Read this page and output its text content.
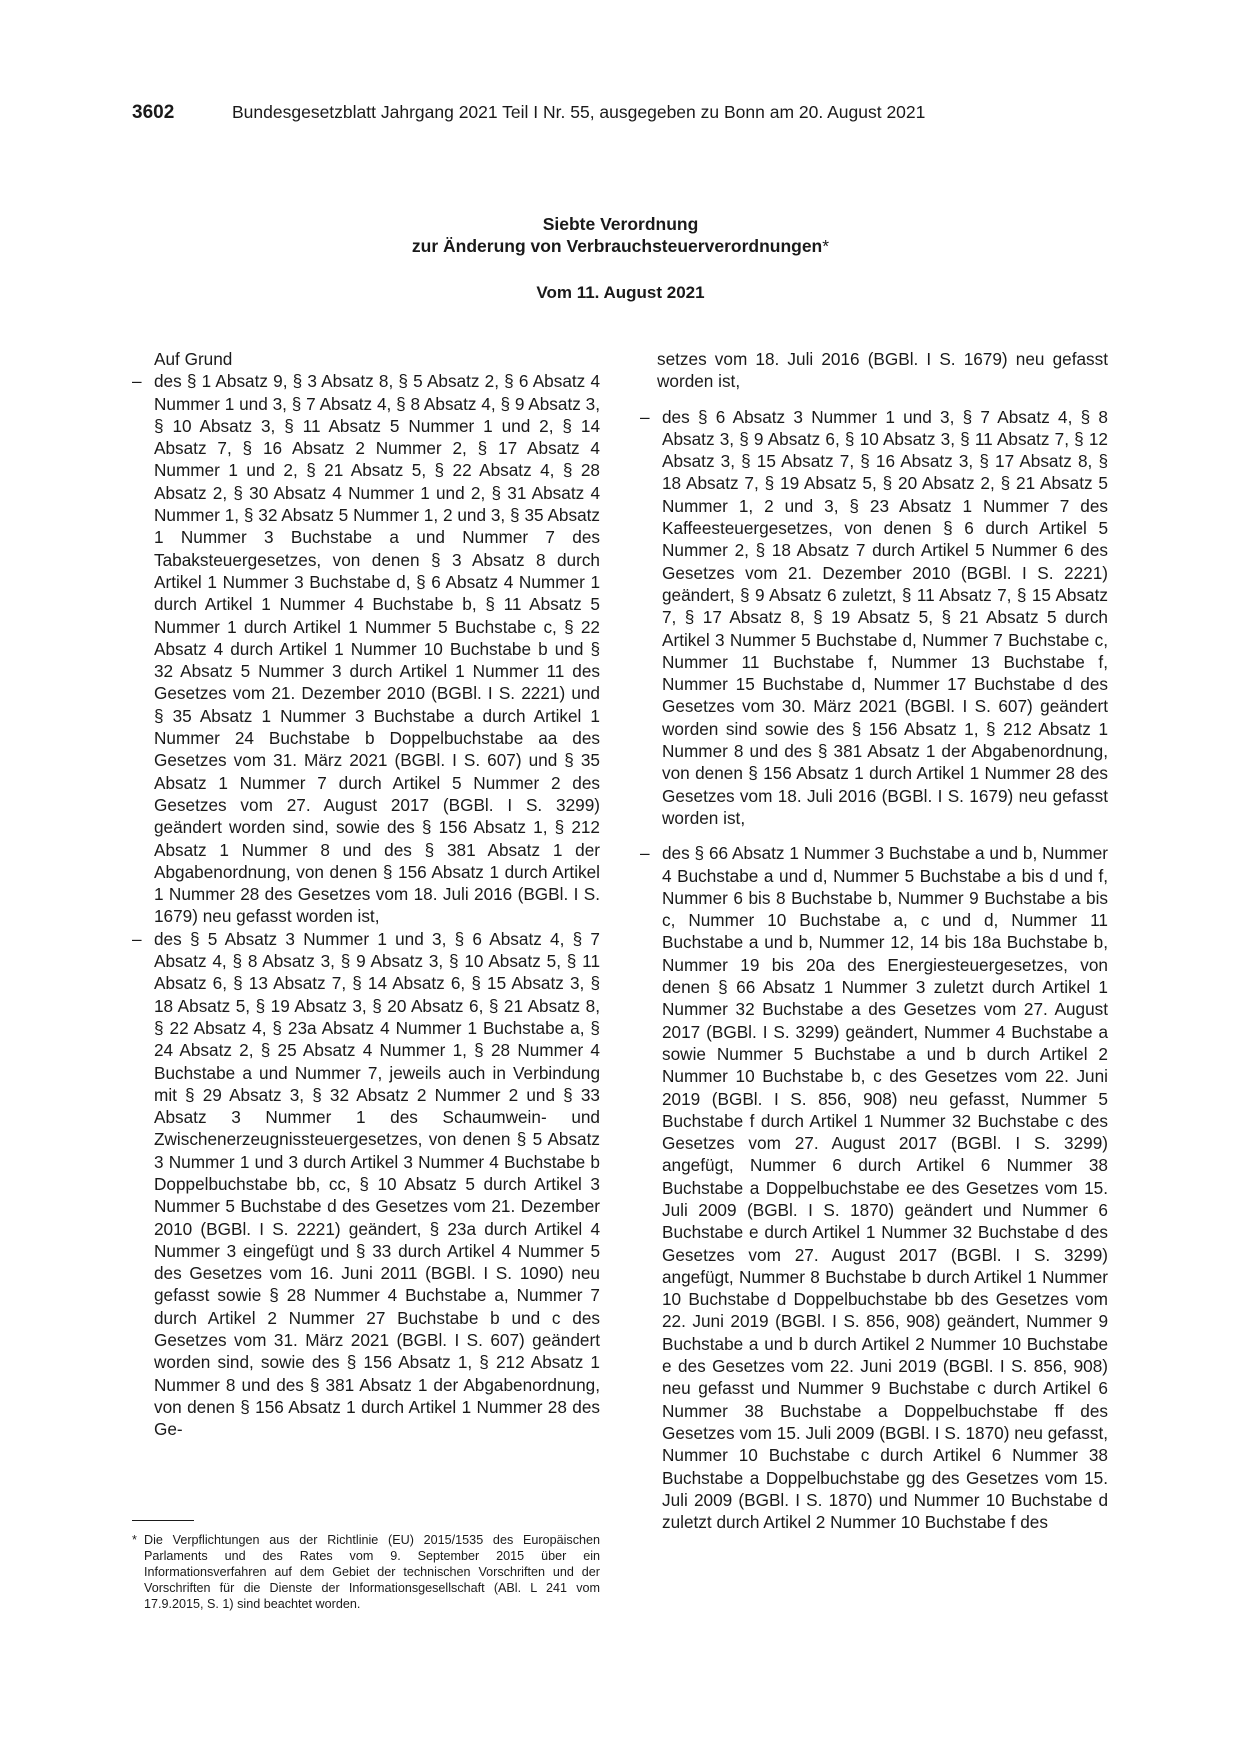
3602	Bundesgesetzblatt Jahrgang 2021 Teil I Nr. 55, ausgegeben zu Bonn am 20. August 2021
Siebte Verordnung
zur Änderung von Verbrauchsteuerverordnungen*
Vom 11. August 2021

Auf Grund

– des § 1 Absatz 9, § 3 Absatz 8, § 5 Absatz 2, § 6 Absatz 4 Nummer 1 und 3, § 7 Absatz 4, § 8 Absatz 4, § 9 Absatz 3, § 10 Absatz 3, § 11 Absatz 5 Nummer 1 und 2, § 14 Absatz 7, § 16 Absatz 2 Nummer 2, § 17 Absatz 4 Nummer 1 und 2, § 21 Absatz 5, § 22 Absatz 4, § 28 Absatz 2, § 30 Absatz 4 Nummer 1 und 2, § 31 Absatz 4 Nummer 1, § 32 Absatz 5 Nummer 1, 2 und 3, § 35 Absatz 1 Nummer 3 Buchstabe a und Nummer 7 des Tabaksteuergesetzes, von denen § 3 Absatz 8 durch Artikel 1 Nummer 3 Buchstabe d, § 6 Absatz 4 Nummer 1 durch Artikel 1 Nummer 4 Buchstabe b, § 11 Absatz 5 Nummer 1 durch Artikel 1 Nummer 5 Buchstabe c, § 22 Absatz 4 durch Artikel 1 Nummer 10 Buchstabe b und § 32 Absatz 5 Nummer 3 durch Artikel 1 Nummer 11 des Gesetzes vom 21. Dezember 2010 (BGBl. I S. 2221) und § 35 Absatz 1 Nummer 3 Buchstabe a durch Artikel 1 Nummer 24 Buchstabe b Doppelbuchstabe aa des Gesetzes vom 31. März 2021 (BGBl. I S. 607) und § 35 Absatz 1 Nummer 7 durch Artikel 5 Nummer 2 des Gesetzes vom 27. August 2017 (BGBl. I S. 3299) geändert worden sind, sowie des § 156 Absatz 1, § 212 Absatz 1 Nummer 8 und des § 381 Absatz 1 der Abgabenordnung, von denen § 156 Absatz 1 durch Artikel 1 Nummer 28 des Gesetzes vom 18. Juli 2016 (BGBl. I S. 1679) neu gefasst worden ist,
– des § 5 Absatz 3 Nummer 1 und 3, § 6 Absatz 4, § 7 Absatz 4, § 8 Absatz 3, § 9 Absatz 3, § 10 Absatz 5, § 11 Absatz 6, § 13 Absatz 7, § 14 Absatz 6, § 15 Absatz 3, § 18 Absatz 5, § 19 Absatz 3, § 20 Absatz 6, § 21 Absatz 8, § 22 Absatz 4, § 23a Absatz 4 Nummer 1 Buchstabe a, § 24 Absatz 2, § 25 Absatz 4 Nummer 1, § 28 Nummer 4 Buchstabe a und Nummer 7, jeweils auch in Verbindung mit § 29 Absatz 3, § 32 Absatz 2 Nummer 2 und § 33 Absatz 3 Nummer 1 des Schaumwein- und Zwischenerzeugnissteuergesetzes, von denen § 5 Absatz 3 Nummer 1 und 3 durch Artikel 3 Nummer 4 Buchstabe b Doppelbuchstabe bb, cc, § 10 Absatz 5 durch Artikel 3 Nummer 5 Buchstabe d des Gesetzes vom 21. Dezember 2010 (BGBl. I S. 2221) geändert, § 23a durch Artikel 4 Nummer 3 eingefügt und § 33 durch Artikel 4 Nummer 5 des Gesetzes vom 16. Juni 2011 (BGBl. I S. 1090) neu gefasst sowie § 28 Nummer 4 Buchstabe a, Nummer 7 durch Artikel 2 Nummer 27 Buchstabe b und c des Gesetzes vom 31. März 2021 (BGBl. I S. 607) geändert worden sind, sowie des § 156 Absatz 1, § 212 Absatz 1 Nummer 8 und des § 381 Absatz 1 der Abgabenordnung, von denen § 156 Absatz 1 durch Artikel 1 Nummer 28 des Ge-

setzes vom 18. Juli 2016 (BGBl. I S. 1679) neu gefasst worden ist,

– des § 6 Absatz 3 Nummer 1 und 3, § 7 Absatz 4, § 8 Absatz 3, § 9 Absatz 6, § 10 Absatz 3, § 11 Absatz 7, § 12 Absatz 3, § 15 Absatz 7, § 16 Absatz 3, § 17 Absatz 8, § 18 Absatz 7, § 19 Absatz 5, § 20 Absatz 2, § 21 Absatz 5 Nummer 1, 2 und 3, § 23 Absatz 1 Nummer 7 des Kaffeesteuergesetzes, von denen § 6 durch Artikel 5 Nummer 2, § 18 Absatz 7 durch Artikel 5 Nummer 6 des Gesetzes vom 21. Dezember 2010 (BGBl. I S. 2221) geändert, § 9 Absatz 6 zuletzt, § 11 Absatz 7, § 15 Absatz 7, § 17 Absatz 8, § 19 Absatz 5, § 21 Absatz 5 durch Artikel 3 Nummer 5 Buchstabe d, Nummer 7 Buchstabe c, Nummer 11 Buchstabe f, Nummer 13 Buchstabe f, Nummer 15 Buchstabe d, Nummer 17 Buchstabe d des Gesetzes vom 30. März 2021 (BGBl. I S. 607) geändert worden sind sowie des § 156 Absatz 1, § 212 Absatz 1 Nummer 8 und des § 381 Absatz 1 der Abgabenordnung, von denen § 156 Absatz 1 durch Artikel 1 Nummer 28 des Gesetzes vom 18. Juli 2016 (BGBl. I S. 1679) neu gefasst worden ist,
– des § 66 Absatz 1 Nummer 3 Buchstabe a und b, Nummer 4 Buchstabe a und d, Nummer 5 Buchstabe a bis d und f, Nummer 6 bis 8 Buchstabe b, Nummer 9 Buchstabe a bis c, Nummer 10 Buchstabe a, c und d, Nummer 11 Buchstabe a und b, Nummer 12, 14 bis 18a Buchstabe b, Nummer 19 bis 20a des Energiesteuergesetzes, von denen § 66 Absatz 1 Nummer 3 zuletzt durch Artikel 1 Nummer 32 Buchstabe a des Gesetzes vom 27. August 2017 (BGBl. I S. 3299) geändert, Nummer 4 Buchstabe a sowie Nummer 5 Buchstabe a und b durch Artikel 2 Nummer 10 Buchstabe b, c des Gesetzes vom 22. Juni 2019 (BGBl. I S. 856, 908) neu gefasst, Nummer 5 Buchstabe f durch Artikel 1 Nummer 32 Buchstabe c des Gesetzes vom 27. August 2017 (BGBl. I S. 3299) angefügt, Nummer 6 durch Artikel 6 Nummer 38 Buchstabe a Doppelbuchstabe ee des Gesetzes vom 15. Juli 2009 (BGBl. I S. 1870) geändert und Nummer 6 Buchstabe e durch Artikel 1 Nummer 32 Buchstabe d des Gesetzes vom 27. August 2017 (BGBl. I S. 3299) angefügt, Nummer 8 Buchstabe b durch Artikel 1 Nummer 10 Buchstabe d Doppelbuchstabe bb des Gesetzes vom 22. Juni 2019 (BGBl. I S. 856, 908) geändert, Nummer 9 Buchstabe a und b durch Artikel 2 Nummer 10 Buchstabe e des Gesetzes vom 22. Juni 2019 (BGBl. I S. 856, 908) neu gefasst und Nummer 9 Buchstabe c durch Artikel 6 Nummer 38 Buchstabe a Doppelbuchstabe ff des Gesetzes vom 15. Juli 2009 (BGBl. I S. 1870) neu gefasst, Nummer 10 Buchstabe c durch Artikel 6 Nummer 38 Buchstabe a Doppelbuchstabe gg des Gesetzes vom 15. Juli 2009 (BGBl. I S. 1870) und Nummer 10 Buchstabe d zuletzt durch Artikel 2 Nummer 10 Buchstabe f des
* Die Verpflichtungen aus der Richtlinie (EU) 2015/1535 des Europäischen Parlaments und des Rates vom 9. September 2015 über ein Informationsverfahren auf dem Gebiet der technischen Vorschriften und der Vorschriften für die Dienste der Informationsgesellschaft (ABl. L 241 vom 17.9.2015, S. 1) sind beachtet worden.
